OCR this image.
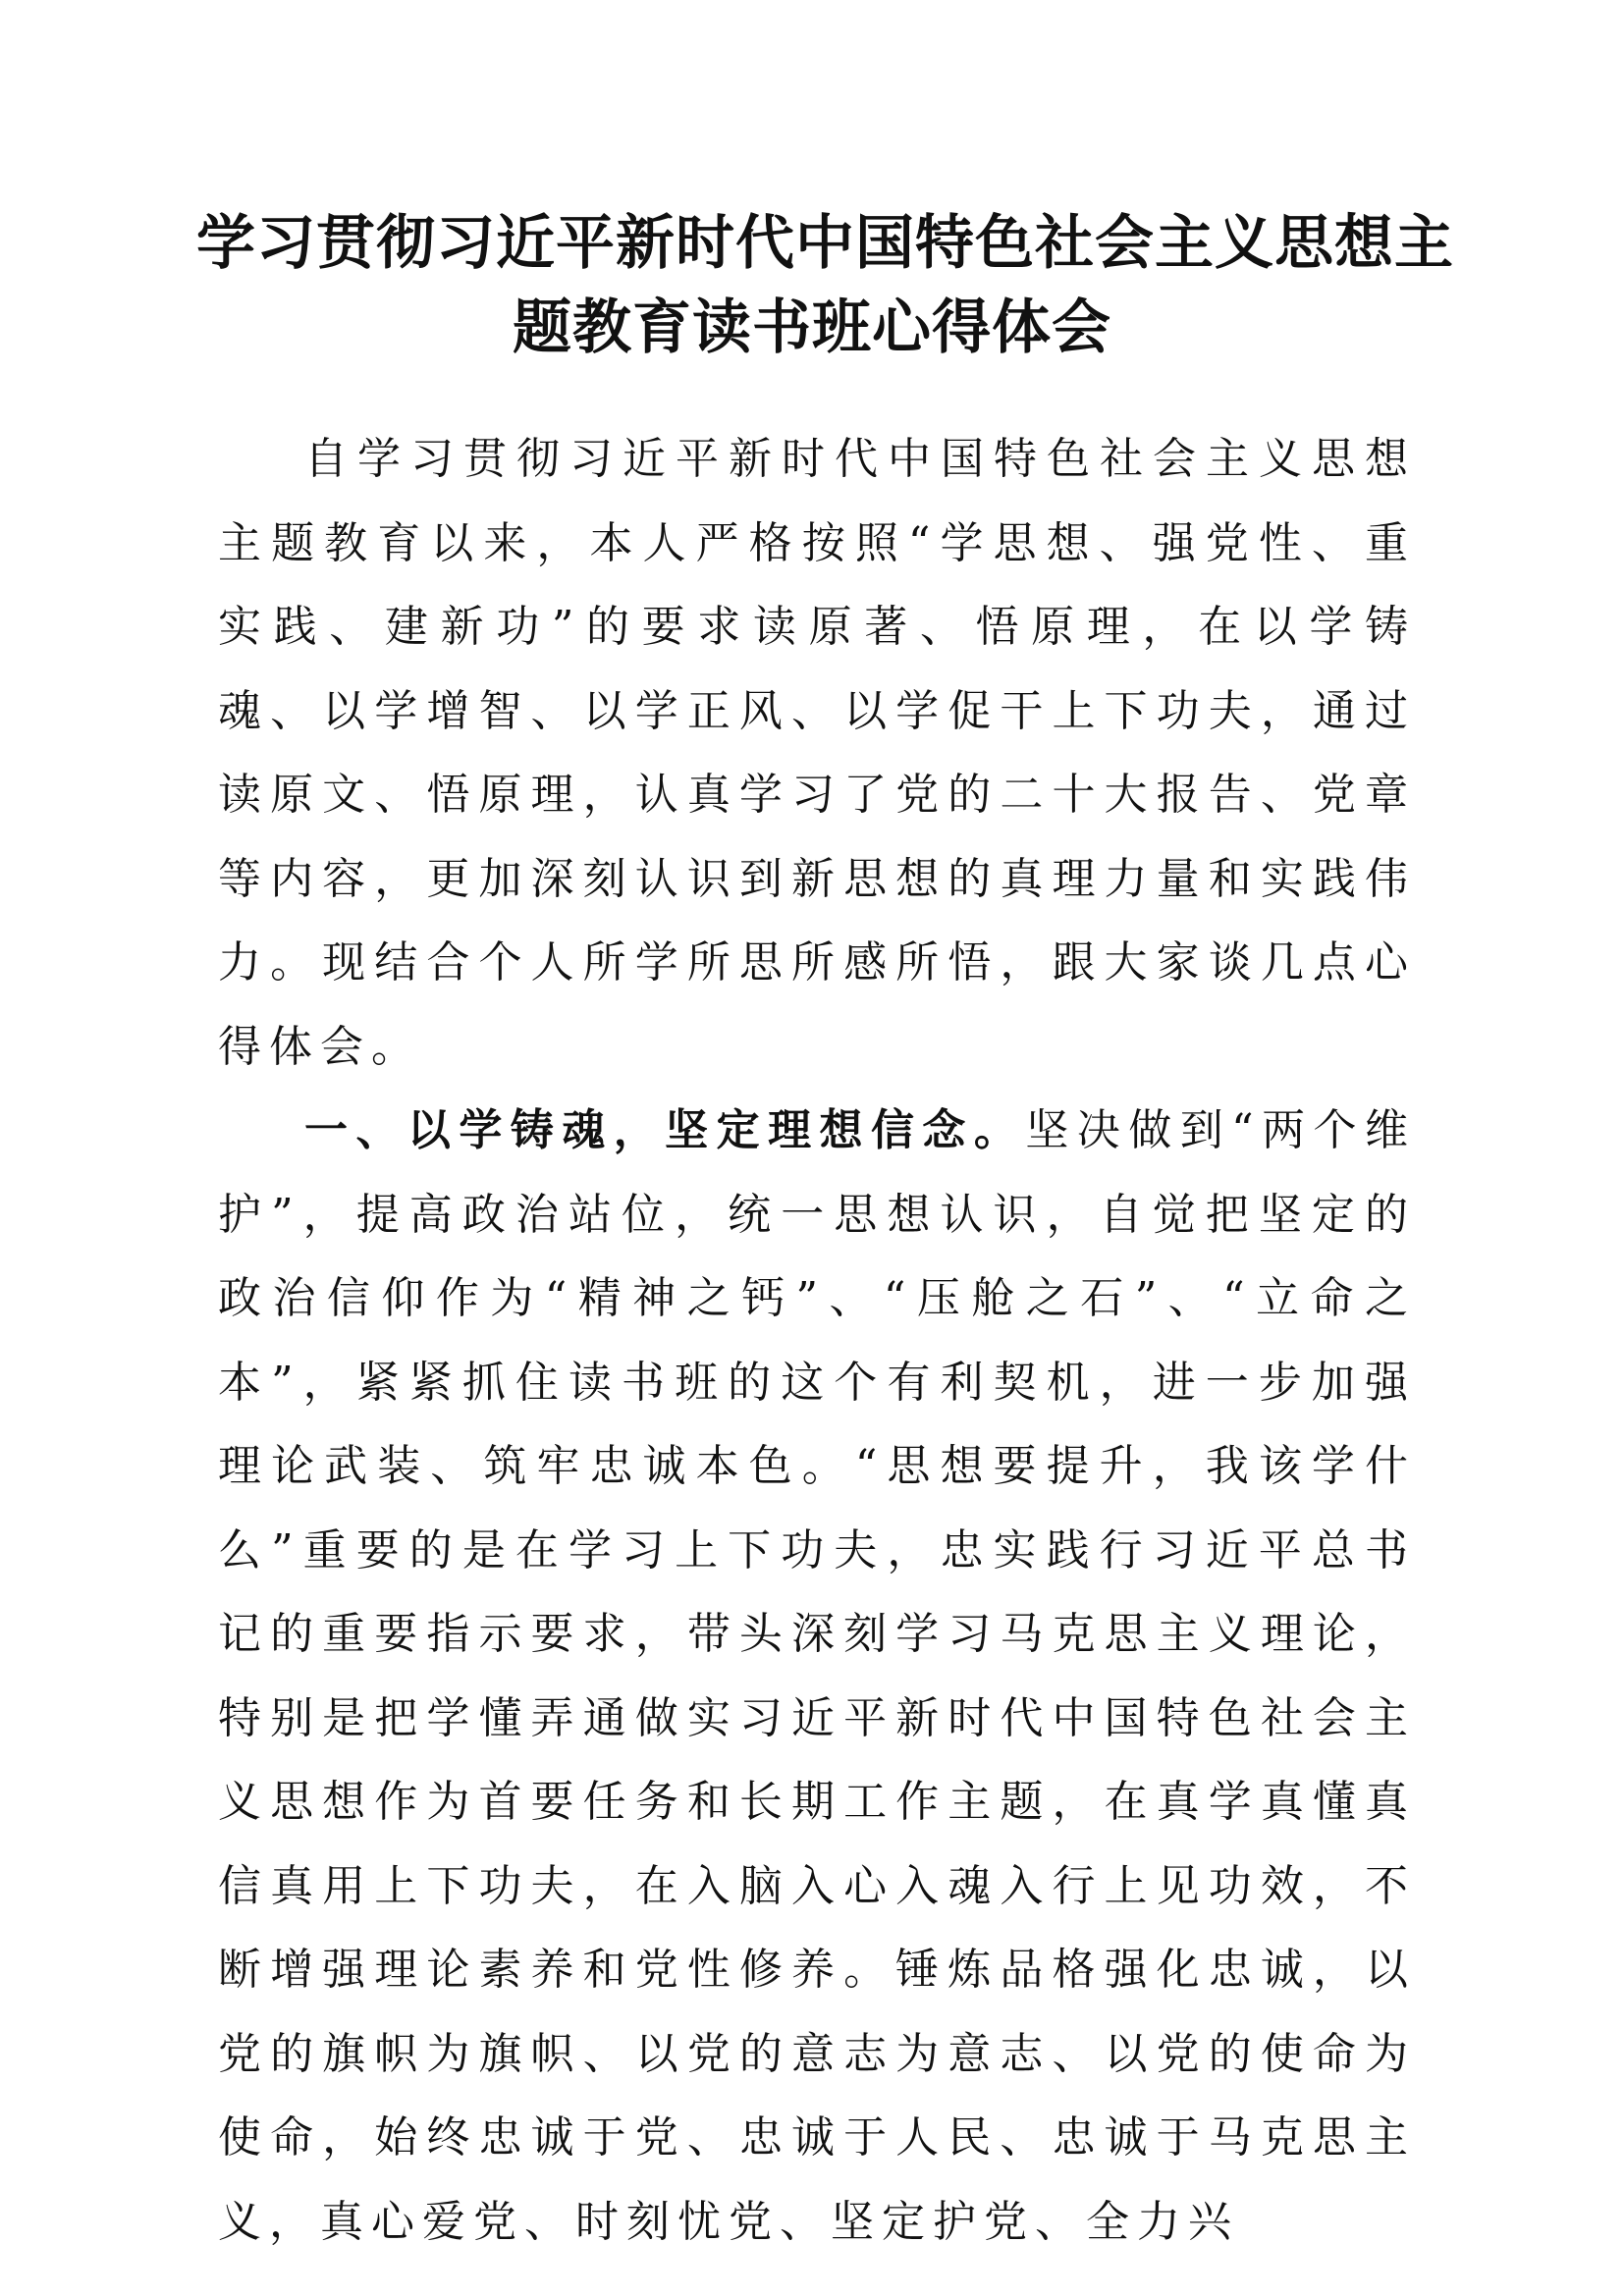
学习贯彻习近平新时代中国特色社会主义思想主
题教育读书班心得体会

自学习贯彻习近平新时代中国特色社会主义思想主题教育以来，本人严格按照“学思想、强党性、重实践、建新功”的要求读原著、悟原理，在以学铸魂、以学增智、以学正风、以学促干上下功夫，通过读原文、悟原理，认真学习了党的二十大报告、党章等内容，更加深刻认识到新思想的真理力量和实践伟力。现结合个人所学所思所感所悟，跟大家谈几点心得体会。

一、以学铸魂，坚定理想信念。坚决做到“两个维护”，提高政治站位，统一思想认识，自觉把坚定的政治信仰作为“精神之钙”、“压舱之石”、“立命之本”，紧紧抓住读书班的这个有利契机，进一步加强理论武装、筑牢忠诚本色。“思想要提升，我该学什么”重要的是在学习上下功夫，忠实践行习近平总书记的重要指示要求，带头深刻学习马克思主义理论，特别是把学懂弄通做实习近平新时代中国特色社会主义思想作为首要任务和长期工作主题，在真学真懂真信真用上下功夫，在入脑入心入魂入行上见功效，不断增强理论素养和党性修养。锤炼品格强化忠诚，以党的旗帜为旗帜、以党的意志为意志、以党的使命为使命，始终忠诚于党、忠诚于人民、忠诚于马克思主义，真心爱党、时刻忧党、坚定护党、全力兴
